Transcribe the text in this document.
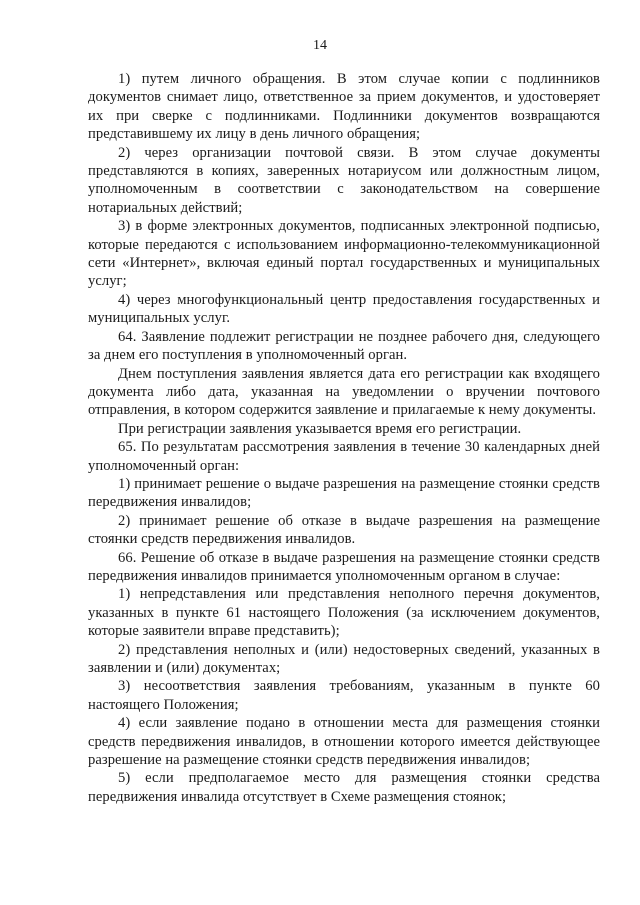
14

1) путем личного обращения. В этом случае копии с подлинников документов снимает лицо, ответственное за прием документов, и удостоверяет их при сверке с подлинниками. Подлинники документов возвращаются представившему их лицу в день личного обращения;

2) через организации почтовой связи. В этом случае документы представляются в копиях, заверенных нотариусом или должностным лицом, уполномоченным в соответствии с законодательством на совершение нотариальных действий;

3) в форме электронных документов, подписанных электронной подписью, которые передаются с использованием информационно-телекоммуникационной сети «Интернет», включая единый портал государственных и муниципальных услуг;

4) через многофункциональный центр предоставления государственных и муниципальных услуг.

64. Заявление подлежит регистрации не позднее рабочего дня, следующего за днем его поступления в уполномоченный орган.

Днем поступления заявления является дата его регистрации как входящего документа либо дата, указанная на уведомлении о вручении почтового отправления, в котором содержится заявление и прилагаемые к нему документы.

При регистрации заявления указывается время его регистрации.

65. По результатам рассмотрения заявления в течение 30 календарных дней уполномоченный орган:

1) принимает решение о выдаче разрешения на размещение стоянки средств передвижения инвалидов;

2) принимает решение об отказе в выдаче разрешения на размещение стоянки средств передвижения инвалидов.

66. Решение об отказе в выдаче разрешения на размещение стоянки средств передвижения инвалидов принимается уполномоченным органом в случае:

1) непредставления или представления неполного перечня документов, указанных в пункте 61 настоящего Положения (за исключением документов, которые заявители вправе представить);

2) представления неполных и (или) недостоверных сведений, указанных в заявлении и (или) документах;

3) несоответствия заявления требованиям, указанным в пункте 60 настоящего Положения;

4) если заявление подано в отношении места для размещения стоянки средств передвижения инвалидов, в отношении которого имеется действующее разрешение на размещение стоянки средств передвижения инвалидов;

5) если предполагаемое место для размещения стоянки средства передвижения инвалида отсутствует в Схеме размещения стоянок;
